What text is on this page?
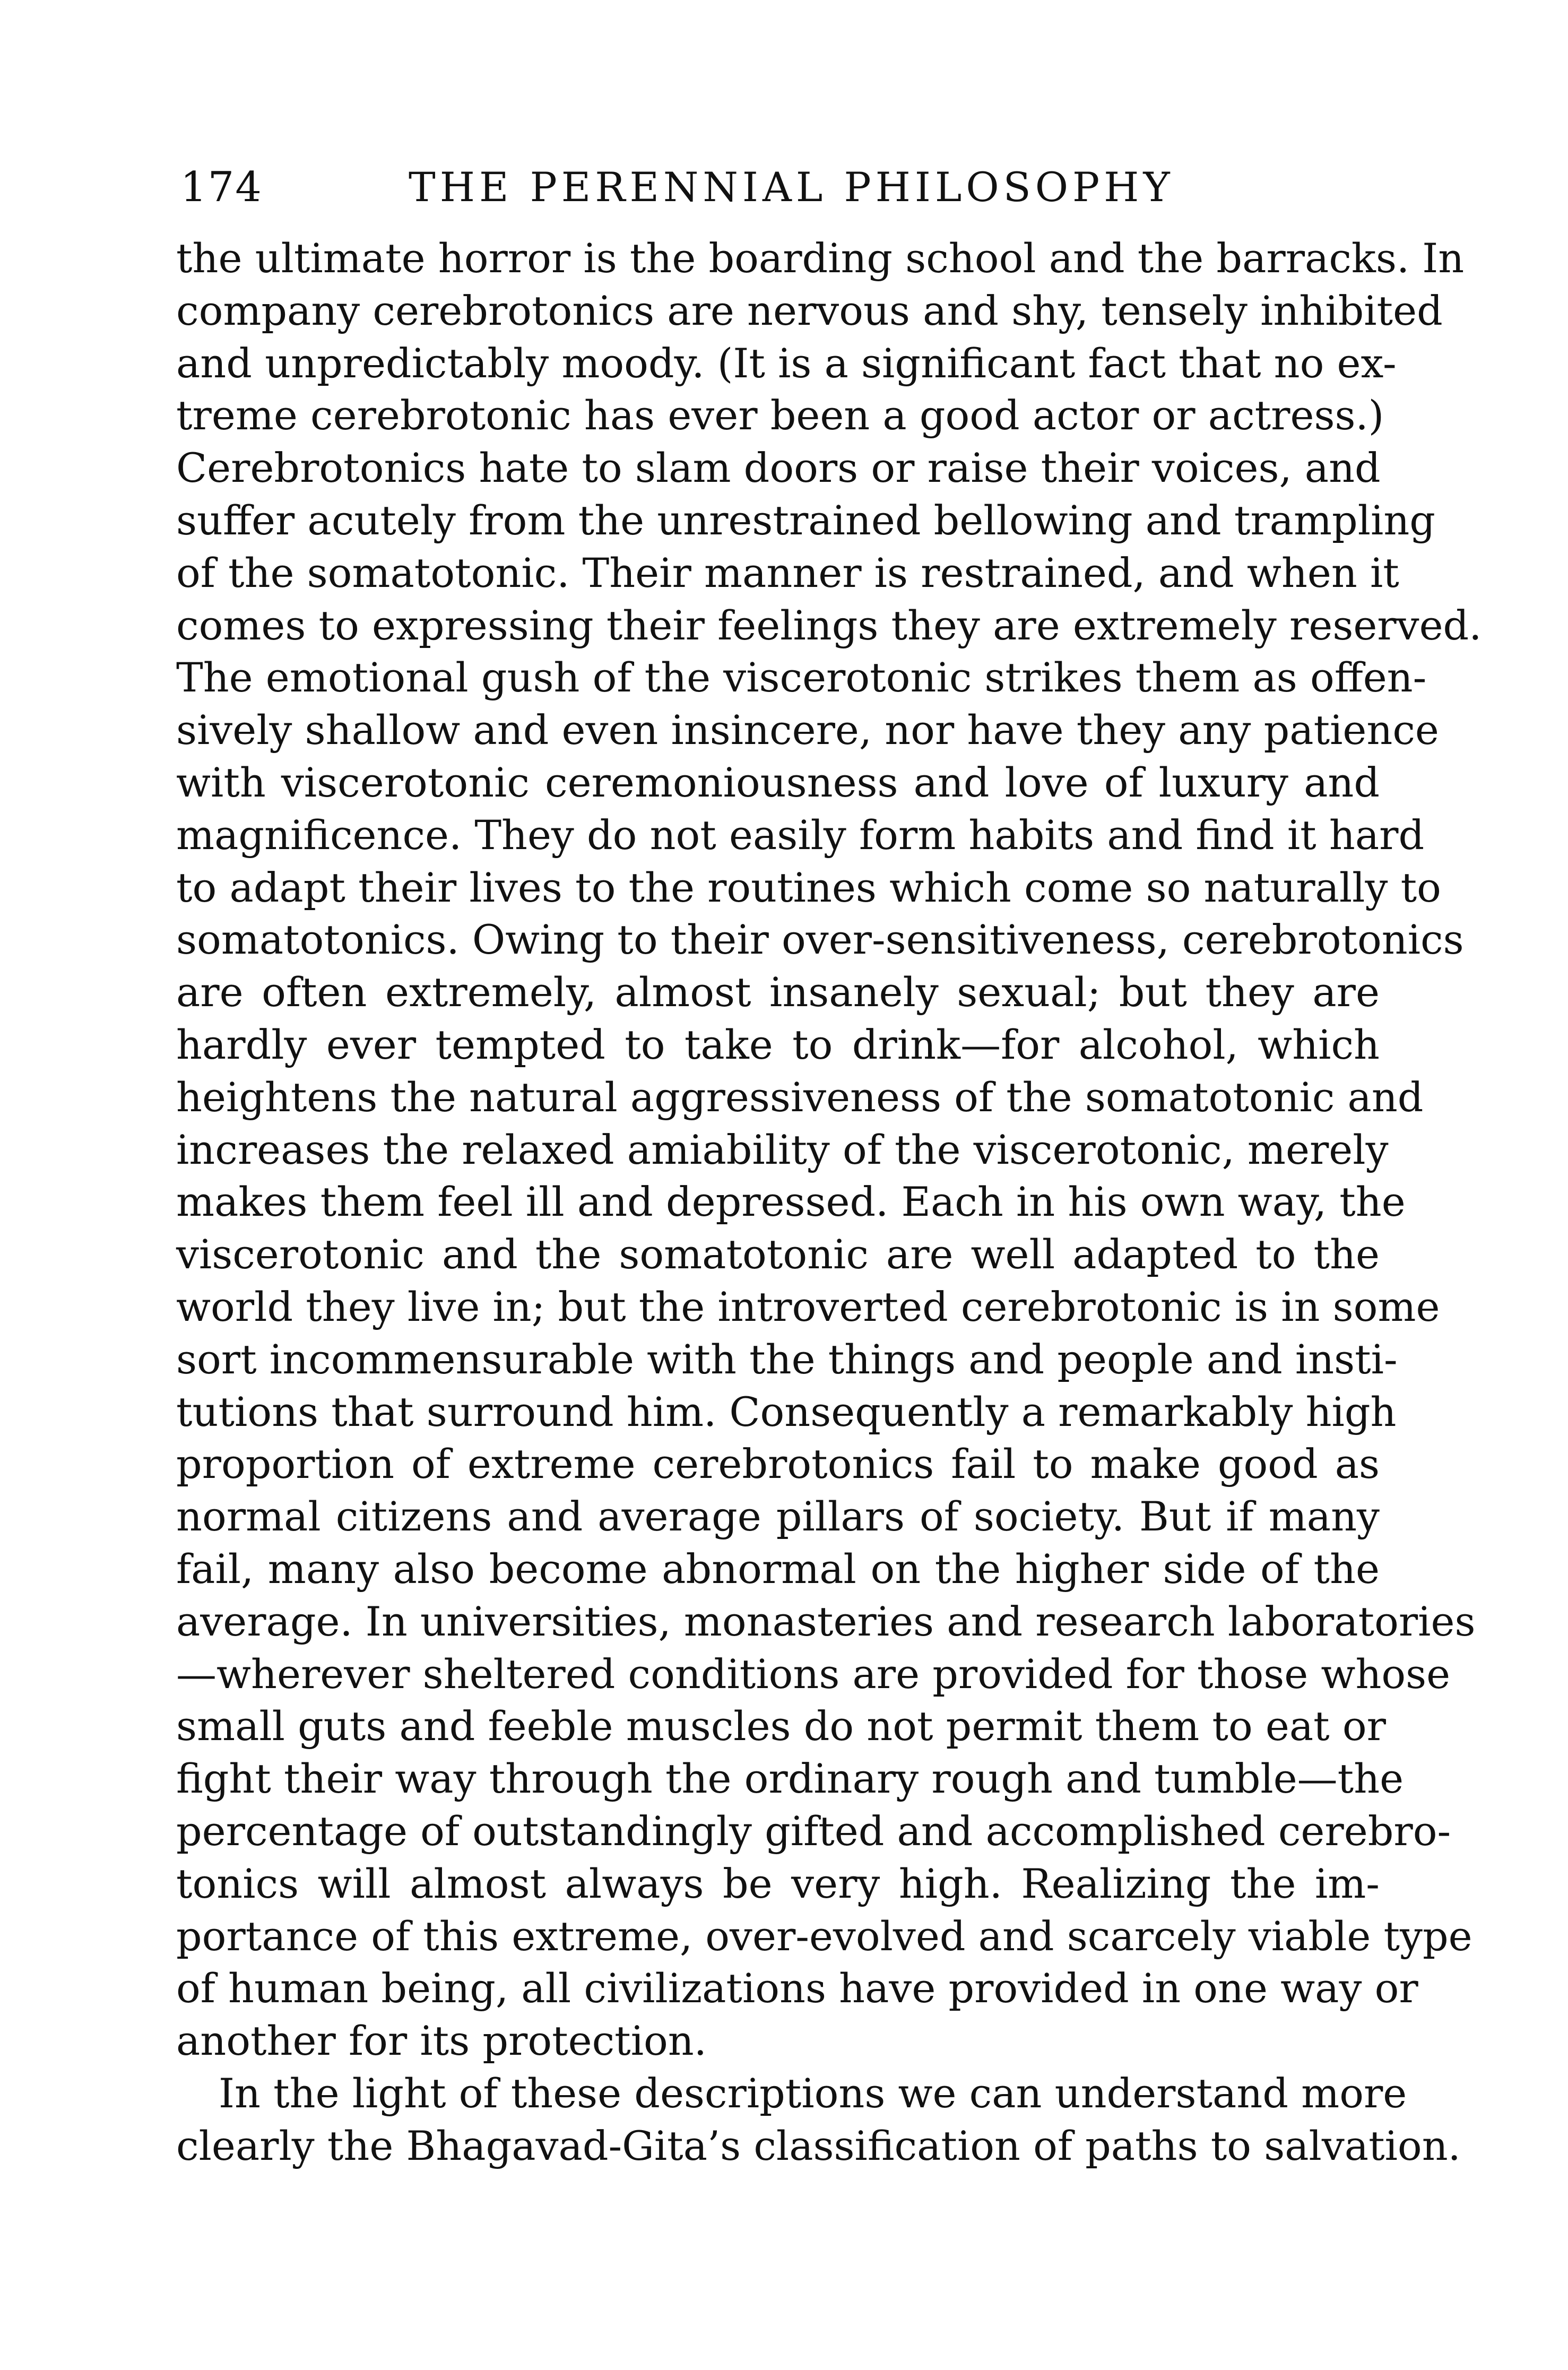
174	THE PERENNIAL PHILOSOPHY
the ultimate horror is the boarding school and the barracks. In
company cerebrotonics are nervous and shy, tensely inhibited
and unpredictably moody. (It is a significant fact that no ex-
treme cerebrotonic has ever been a good actor or actress.)
Cerebrotonics hate to slam doors or raise their voices, and
suffer acutely from the unrestrained bellowing and trampling
of the somatotonic. Their manner is restrained, and when it
comes to expressing their feelings they are extremely reserved.
The emotional gush of the viscerotonic strikes them as offen-
sively shallow and even insincere, nor have they any patience
with viscerotonic ceremoniousness and love of luxury and
magnificence. They do not easily form habits and find it hard
to adapt their lives to the routines which come so naturally to
somatotonics. Owing to their over-sensitiveness, cerebrotonics
are often extremely, almost insanely sexual; but they are
hardly ever tempted to take to drink—for alcohol, which
heightens the natural aggressiveness of the somatotonic and
increases the relaxed amiability of the viscerotonic, merely
makes them feel ill and depressed. Each in his own way, the
viscerotonic and the somatotonic are well adapted to the
world they live in; but the introverted cerebrotonic is in some
sort incommensurable with the things and people and insti-
tutions that surround him. Consequently a remarkably high
proportion of extreme cerebrotonics fail to make good as
normal citizens and average pillars of society. But if many
fail, many also become abnormal on the higher side of the
average. In universities, monasteries and research laboratories
—wherever sheltered conditions are provided for those whose
small guts and feeble muscles do not permit them to eat or
fight their way through the ordinary rough and tumble—the
percentage of outstandingly gifted and accomplished cerebro-
tonics will almost always be very high. Realizing the im-
portance of this extreme, over-evolved and scarcely viable type
of human being, all civilizations have provided in one way or
another for its protection.
In the light of these descriptions we can understand more
clearly the Bhagavad-Gita’s classification of paths to salvation.
